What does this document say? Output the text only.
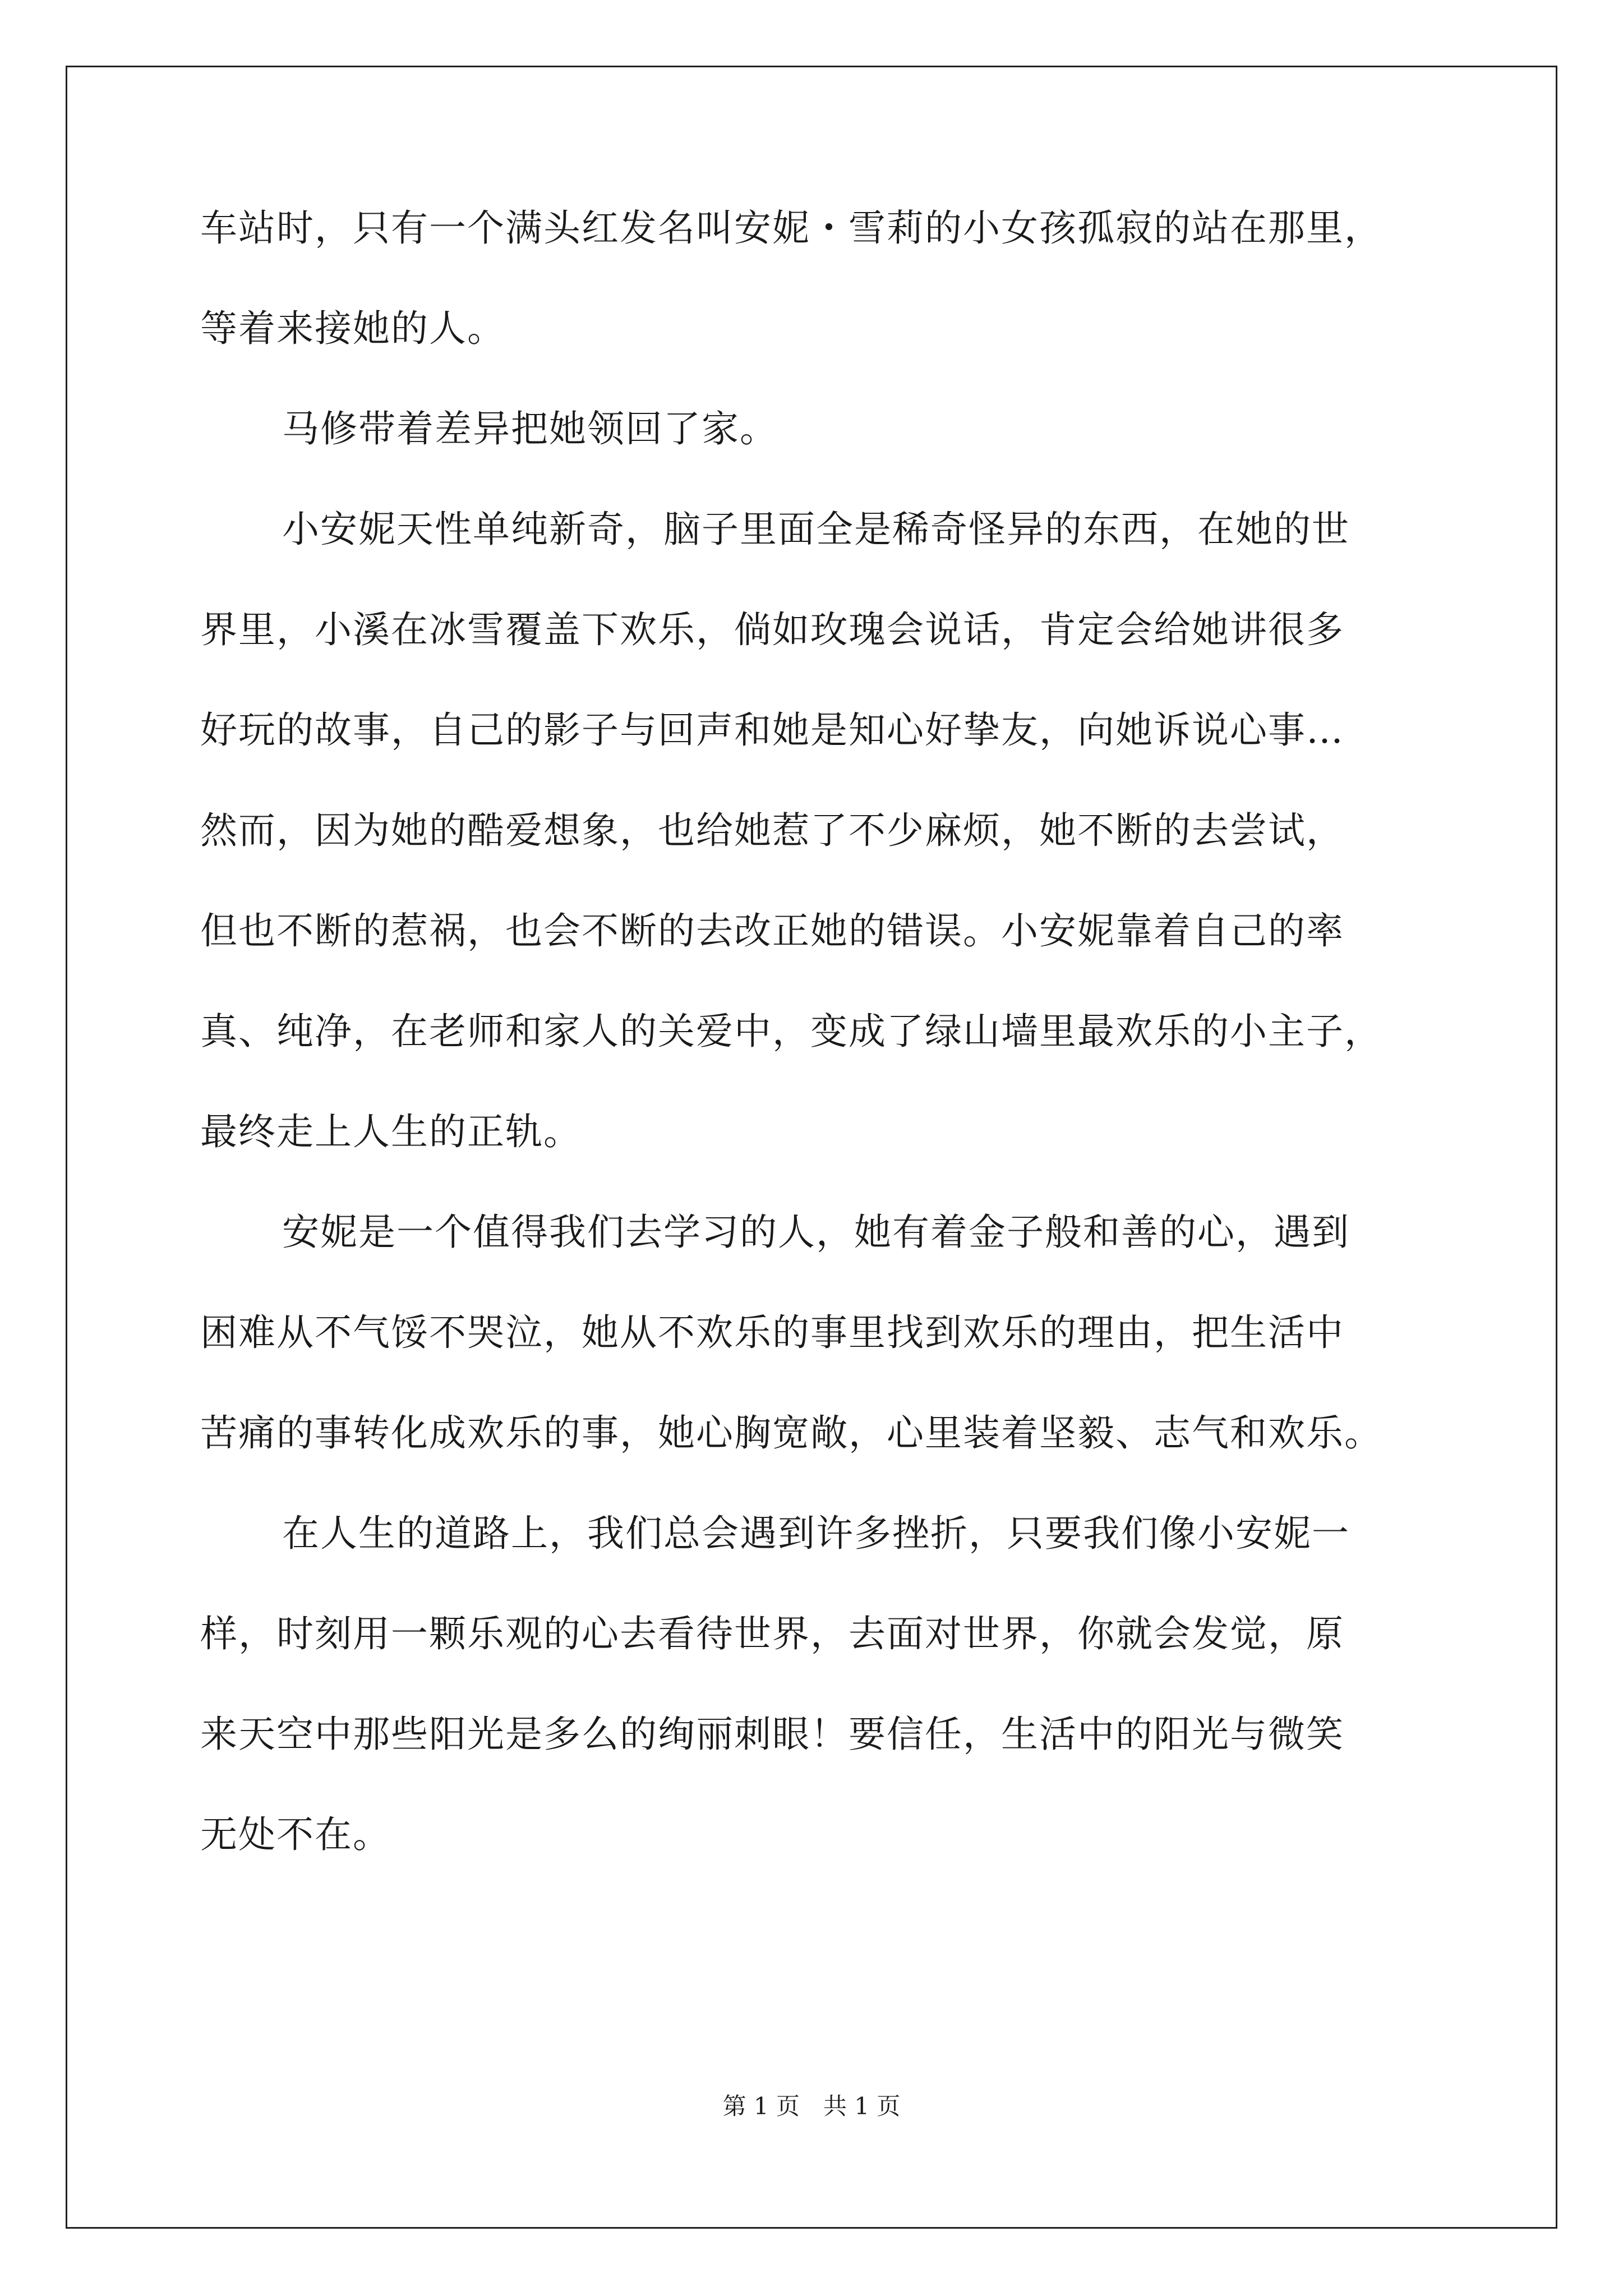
车站时，只有一个满头红发名叫安妮・雪莉的小女孩孤寂的站在那里，
等着来接她的人。
马修带着差异把她领回了家。
小安妮天性单纯新奇，脑子里面全是稀奇怪异的东西，在她的世
界里，小溪在冰雪覆盖下欢乐，倘如玫瑰会说话，肯定会给她讲很多
好玩的故事，自己的影子与回声和她是知心好挚友，向她诉说心事…
然而，因为她的酷爱想象，也给她惹了不少麻烦，她不断的去尝试，
但也不断的惹祸，也会不断的去改正她的错误。小安妮靠着自己的率
真、纯净，在老师和家人的关爱中，变成了绿山墙里最欢乐的小主子，
最终走上人生的正轨。
安妮是一个值得我们去学习的人，她有着金子般和善的心，遇到
困难从不气馁不哭泣，她从不欢乐的事里找到欢乐的理由，把生活中
苦痛的事转化成欢乐的事，她心胸宽敞，心里装着坚毅、志气和欢乐。
在人生的道路上，我们总会遇到许多挫折，只要我们像小安妮一
样，时刻用一颗乐观的心去看待世界，去面对世界，你就会发觉，原
来天空中那些阳光是多么的绚丽刺眼！要信任，生活中的阳光与微笑
无处不在。
第 1 页　共 1 页
